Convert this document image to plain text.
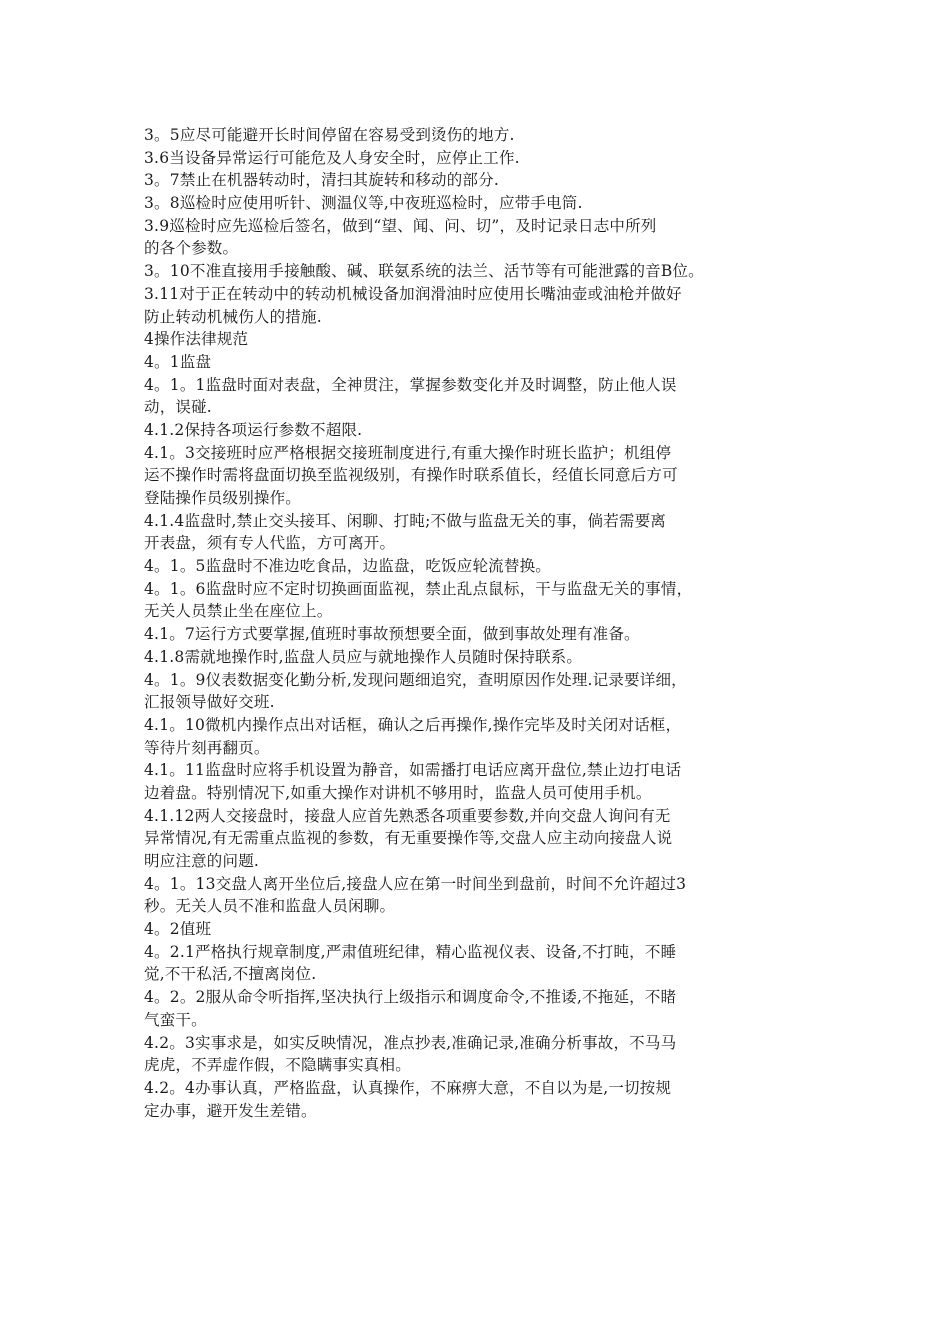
3。5应尽可能避开长时间停留在容易受到烫伤的地方.
3.6当设备异常运行可能危及人身安全时，应停止工作.
3。7禁止在机器转动时，清扫其旋转和移动的部分.
3。8巡检时应使用听针、测温仪等,中夜班巡检时，应带手电筒.
3.9巡检时应先巡检后签名，做到“望、闻、问、切”，及时记录日志中所列
的各个参数。
3。10不准直接用手接触酸、碱、联氨系统的法兰、活节等有可能泄露的音B位。
3.11对于正在转动中的转动机械设备加润滑油时应使用长嘴油壶或油枪并做好
防止转动机械伤人的措施.
4操作法律规范
4。1监盘
4。1。1监盘时面对表盘，全神贯注，掌握参数变化并及时调整，防止他人误
动，误碰.
4.1.2保持各项运行参数不超限.
4.1。3交接班时应严格根据交接班制度进行,有重大操作时班长监护；机组停
运不操作时需将盘面切换至监视级别，有操作时联系值长，经值长同意后方可
登陆操作员级别操作。
4.1.4监盘时,禁止交头接耳、闲聊、打盹;不做与监盘无关的事，倘若需要离
开表盘，须有专人代监，方可离开。
4。1。5监盘时不准边吃食品，边监盘，吃饭应轮流替换。
4。1。6监盘时应不定时切换画面监视，禁止乱点鼠标，干与监盘无关的事情，
无关人员禁止坐在座位上。
4.1。7运行方式要掌握,值班时事故预想要全面，做到事故处理有准备。
4.1.8需就地操作时,监盘人员应与就地操作人员随时保持联系。
4。1。9仪表数据变化勤分析,发现问题细追究，查明原因作处理.记录要详细，
汇报领导做好交班.
4.1。10微机内操作点出对话框，确认之后再操作,操作完毕及时关闭对话框，
等待片刻再翻页。
4.1。11监盘时应将手机设置为静音，如需播打电话应离开盘位,禁止边打电话
边着盘。特别情况下,如重大操作对讲机不够用时，监盘人员可使用手机。
4.1.12两人交接盘时，接盘人应首先熟悉各项重要参数,并向交盘人询问有无
异常情况,有无需重点监视的参数，有无重要操作等,交盘人应主动向接盘人说
明应注意的问题.
4。1。13交盘人离开坐位后,接盘人应在第一时间坐到盘前，时间不允许超过3
秒。无关人员不准和监盘人员闲聊。
4。2值班
4。2.1严格执行规章制度,严肃值班纪律，精心监视仪表、设备,不打盹，不睡
觉,不干私活,不擅离岗位.
4。2。2服从命令听指挥,坚决执行上级指示和调度命令,不推诿,不拖延，不睹
气蛮干。
4.2。3实事求是，如实反映情况，准点抄表,准确记录,准确分析事故，不马马
虎虎，不弄虚作假，不隐瞒事实真相。
4.2。4办事认真，严格监盘，认真操作，不麻痹大意，不自以为是,一切按规
定办事，避开发生差错。
